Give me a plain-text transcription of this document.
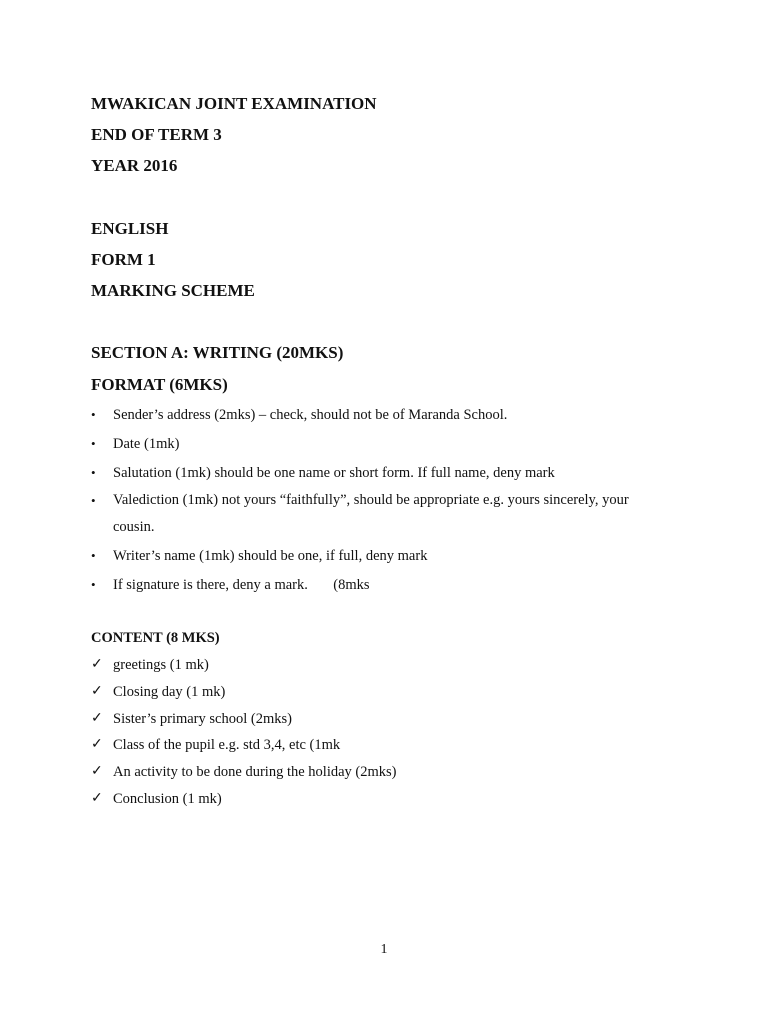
MWAKICAN JOINT EXAMINATION
END OF TERM 3
YEAR 2016
ENGLISH
FORM 1
MARKING SCHEME
SECTION A: WRITING (20MKS)
FORMAT (6MKS)
•	Sender’s address (2mks) – check, should not be of Maranda School.
•	Date (1mk)
•	Salutation (1mk) should be one name or short form. If full name, deny mark
•	Valediction (1mk) not yours “faithfully”, should be appropriate e.g. yours sincerely, your cousin.
•	Writer’s name (1mk) should be one, if full, deny mark
•	If signature is there, deny a mark.       (8mks
CONTENT (8 MKS)
✓ greetings (1 mk)
✓ Closing day (1 mk)
✓ Sister’s primary school (2mks)
✓ Class of the pupil e.g. std 3,4, etc (1mk
✓ An activity to be done during the holiday (2mks)
✓ Conclusion (1 mk)
1
